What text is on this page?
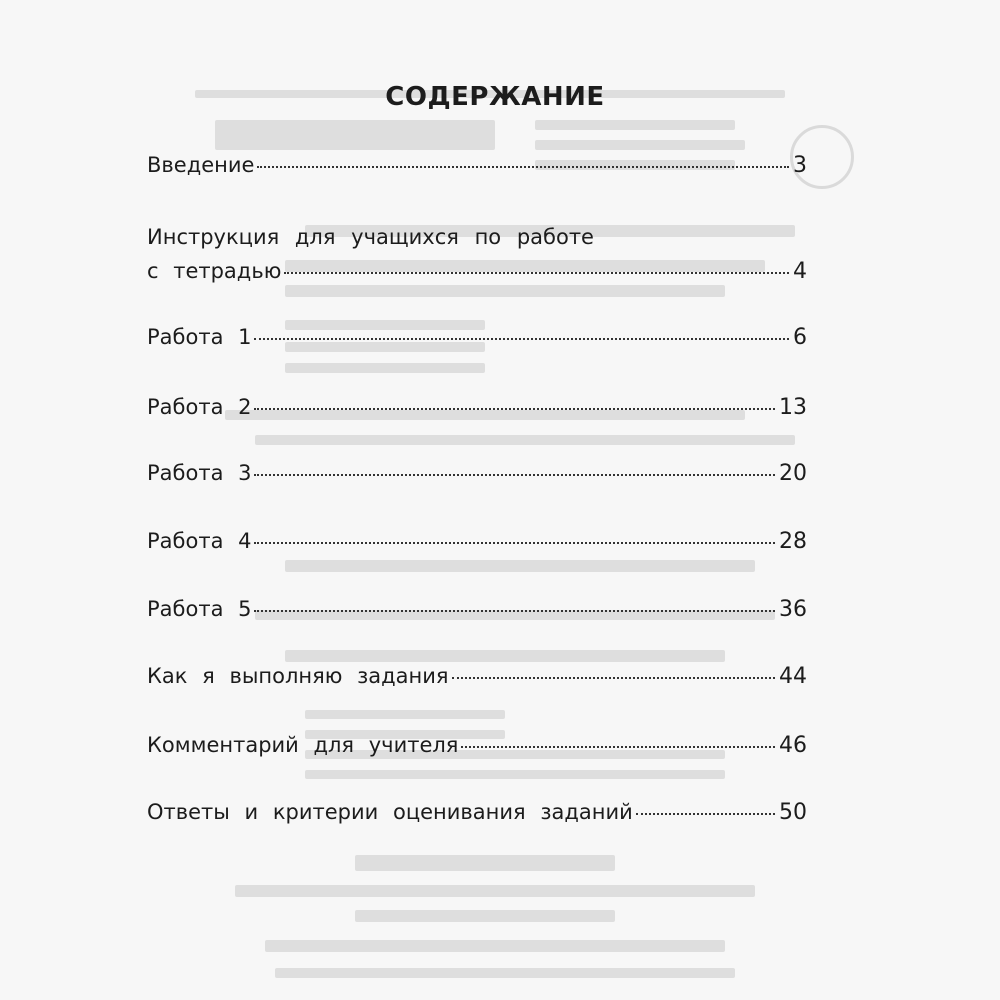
СОДЕРЖАНИЕ
Введение	3
Инструкция для учащихся по работе
с тетрадью	4
Работа 1	6
Работа 2	13
Работа 3	20
Работа 4	28
Работа 5	36
Как я выполняю задания	44
Комментарий для учителя	46
Ответы и критерии оценивания заданий	50
